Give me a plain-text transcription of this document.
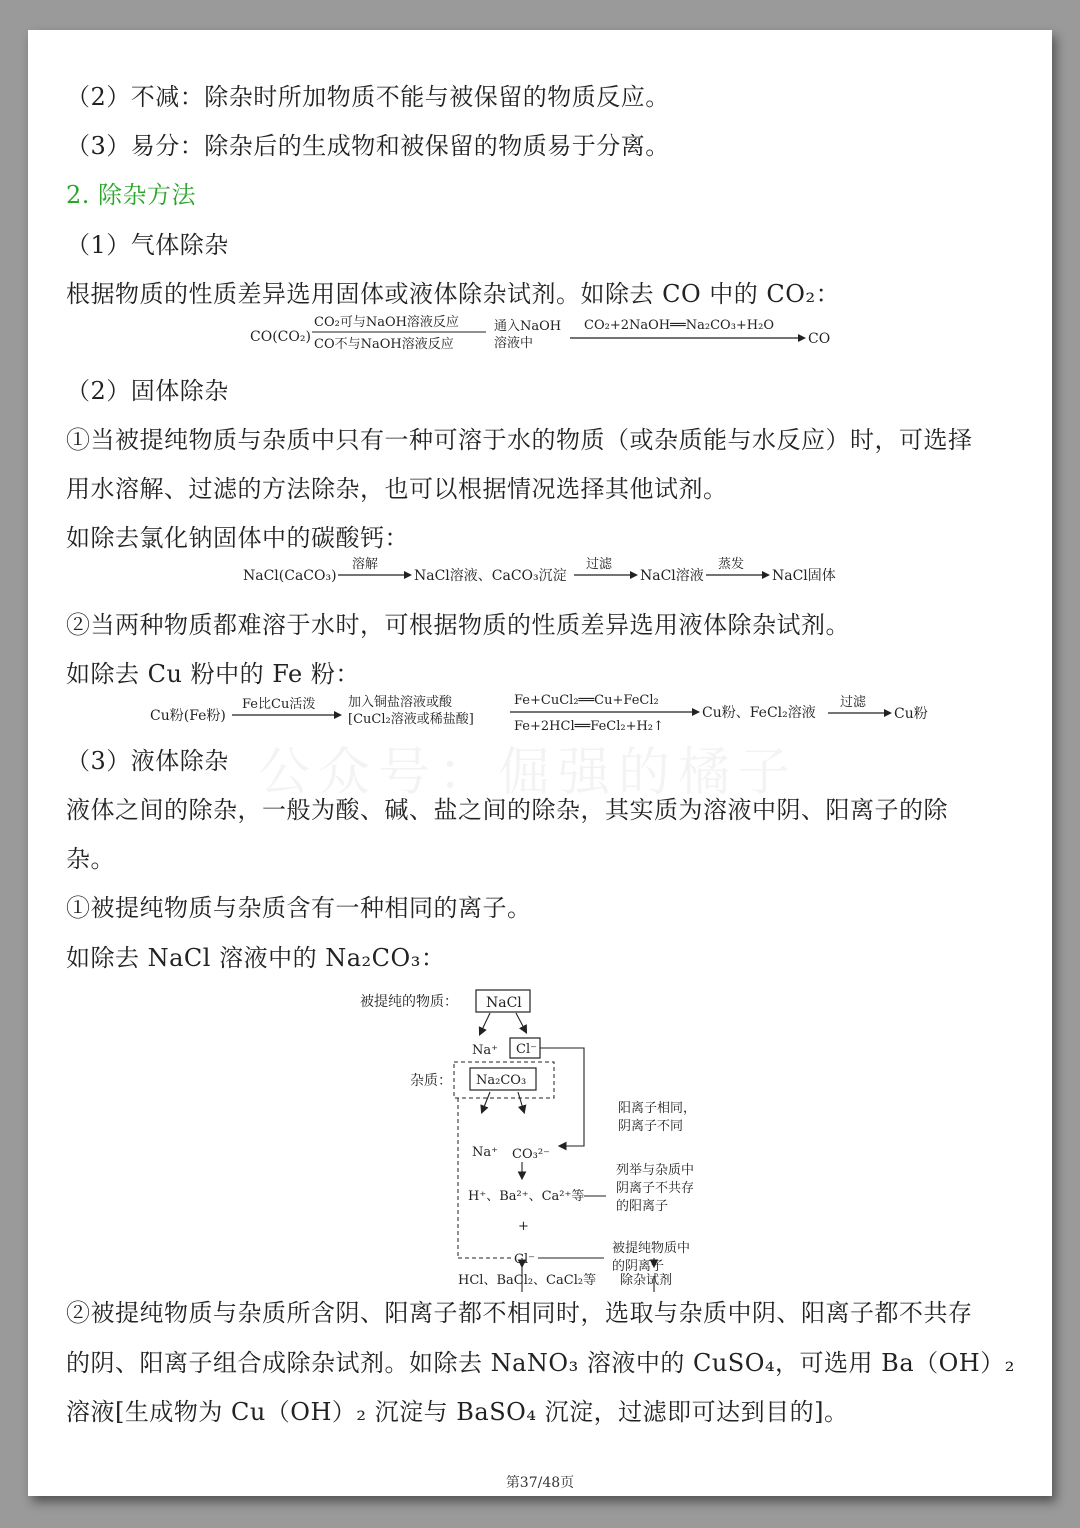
（2）不减：除杂时所加物质不能与被保留的物质反应。
（3）易分：除杂后的生成物和被保留的物质易于分离。
2. 除杂方法
（1）气体除杂
根据物质的性质差异选用固体或液体除杂试剂。如除去 CO 中的 CO₂：
CO(CO₂)
CO₂可与NaOH溶液反应
CO不与NaOH溶液反应
通入NaOH
溶液中
CO₂+2NaOH══Na₂CO₃+H₂O
CO
（2）固体除杂
①当被提纯物质与杂质中只有一种可溶于水的物质（或杂质能与水反应）时，可选择
用水溶解、过滤的方法除杂，也可以根据情况选择其他试剂。
如除去氯化钠固体中的碳酸钙：
NaCl(CaCO₃)
溶解
NaCl溶液、CaCO₃沉淀
过滤
NaCl溶液
蒸发
NaCl固体
②当两种物质都难溶于水时，可根据物质的性质差异选用液体除杂试剂。
如除去 Cu 粉中的 Fe 粉：
Cu粉(Fe粉)
Fe比Cu活泼	加入铜盐溶液或酸
[CuCl₂溶液或稀盐酸]
Fe+CuCl₂══Cu+FeCl₂
Fe+2HCl══FeCl₂+H₂↑
Cu粉、FeCl₂溶液
过滤
Cu粉
（3）液体除杂
液体之间的除杂，一般为酸、碱、盐之间的除杂，其实质为溶液中阴、阳离子的除
杂。
①被提纯物质与杂质含有一种相同的离子。
如除去 NaCl 溶液中的 Na₂CO₃：
被提纯的物质： NaCl
Na⁺ Cl⁻
杂质： Na₂CO₃
Na⁺ CO₃²⁻
阳离子相同，
阴离子不同
H⁺、Ba²⁺、Ca²⁺等
列举与杂质中
阴离子不共存
的阳离子
+
Cl⁻
被提纯物质中
的阴离子
HCl、BaCl₂、CaCl₂等 除杂试剂
②被提纯物质与杂质所含阴、阳离子都不相同时，选取与杂质中阴、阳离子都不共存
的阴、阳离子组合成除杂试剂。如除去 NaNO₃ 溶液中的 CuSO₄，可选用 Ba（OH）₂
溶液[生成物为 Cu（OH）₂ 沉淀与 BaSO₄ 沉淀，过滤即可达到目的]。
第37/48页
